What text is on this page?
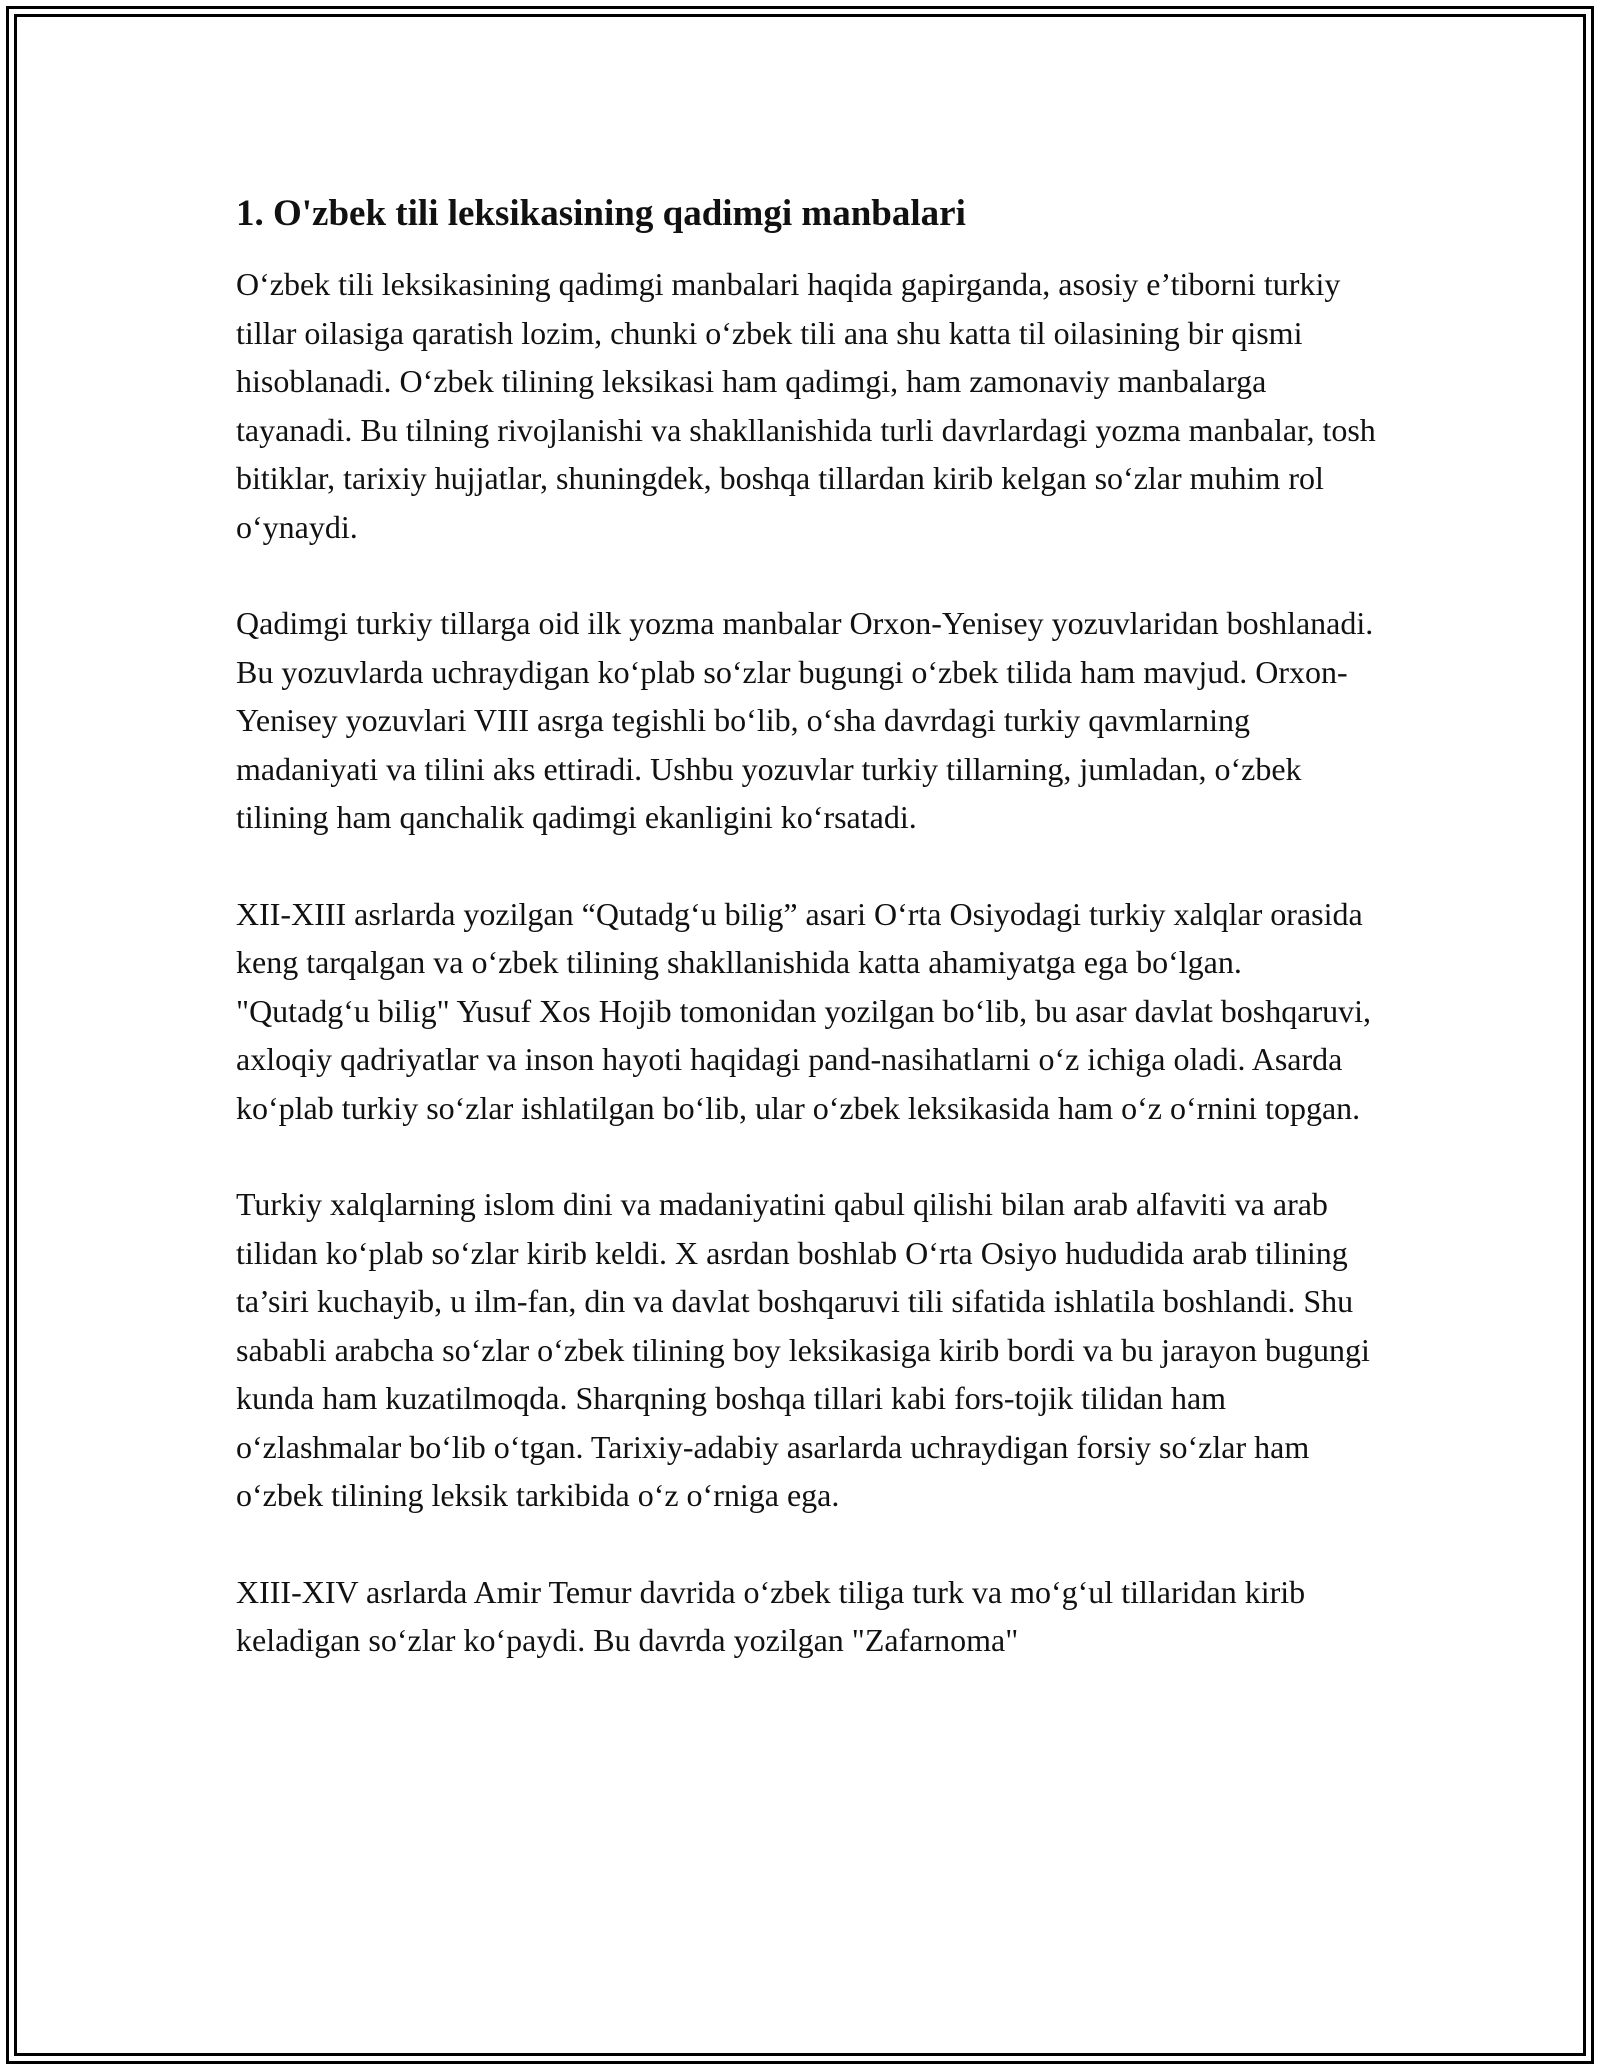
1. O'zbek tili leksikasining qadimgi manbalari

O‘zbek tili leksikasining qadimgi manbalari haqida gapirganda, asosiy e’tiborni turkiy tillar oilasiga qaratish lozim, chunki o‘zbek tili ana shu katta til oilasining bir qismi hisoblanadi. O‘zbek tilining leksikasi ham qadimgi, ham zamonaviy manbalarga tayanadi. Bu tilning rivojlanishi va shakllanishida turli davrlardagi yozma manbalar, tosh bitiklar, tarixiy hujjatlar, shuningdek, boshqa tillardan kirib kelgan so‘zlar muhim rol o‘ynaydi.

Qadimgi turkiy tillarga oid ilk yozma manbalar Orxon-Yenisey yozuvlaridan boshlanadi. Bu yozuvlarda uchraydigan ko‘plab so‘zlar bugungi o‘zbek tilida ham mavjud. Orxon-Yenisey yozuvlari VIII asrga tegishli bo‘lib, o‘sha davrdagi turkiy qavmlarning madaniyati va tilini aks ettiradi. Ushbu yozuvlar turkiy tillarning, jumladan, o‘zbek tilining ham qanchalik qadimgi ekanligini ko‘rsatadi.

XII-XIII asrlarda yozilgan “Qutadg‘u bilig” asari O‘rta Osiyodagi turkiy xalqlar orasida keng tarqalgan va o‘zbek tilining shakllanishida katta ahamiyatga ega bo‘lgan. "Qutadg‘u bilig" Yusuf Xos Hojib tomonidan yozilgan bo‘lib, bu asar davlat boshqaruvi, axloqiy qadriyatlar va inson hayoti haqidagi pand-nasihatlarni o‘z ichiga oladi. Asarda ko‘plab turkiy so‘zlar ishlatilgan bo‘lib, ular o‘zbek leksikasida ham o‘z o‘rnini topgan.

Turkiy xalqlarning islom dini va madaniyatini qabul qilishi bilan arab alfaviti va arab tilidan ko‘plab so‘zlar kirib keldi. X asrdan boshlab O‘rta Osiyo hududida arab tilining ta’siri kuchayib, u ilm-fan, din va davlat boshqaruvi tili sifatida ishlatila boshlandi. Shu sababli arabcha so‘zlar o‘zbek tilining boy leksikasiga kirib bordi va bu jarayon bugungi kunda ham kuzatilmoqda. Sharqning boshqa tillari kabi fors-tojik tilidan ham o‘zlashmalar bo‘lib o‘tgan. Tarixiy-adabiy asarlarda uchraydigan forsiy so‘zlar ham o‘zbek tilining leksik tarkibida o‘z o‘rniga ega.

XIII-XIV asrlarda Amir Temur davrida o‘zbek tiliga turk va mo‘g‘ul tillaridan kirib keladigan so‘zlar ko‘paydi. Bu davrda yozilgan "Zafarnoma"
